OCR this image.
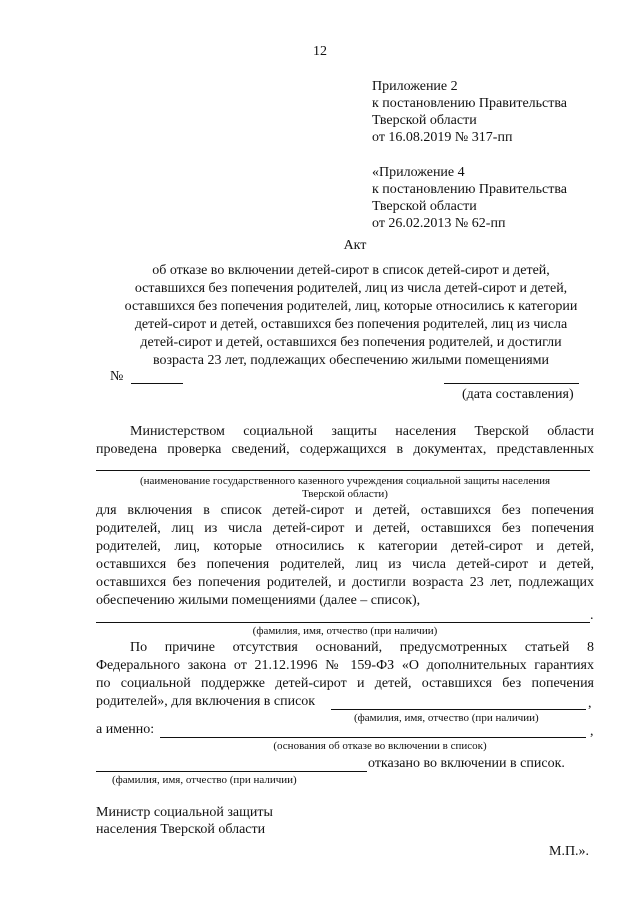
12
Приложение 2
к постановлению Правительства
Тверской области
от 16.08.2019 № 317-пп
«Приложение 4
к постановлению Правительства
Тверской области
от 26.02.2013 № 62-пп
Акт
об отказе во включении детей-сирот в список детей-сирот и детей,
оставшихся без попечения родителей, лиц из числа детей-сирот и детей,
оставшихся без попечения родителей, лиц, которые относились к категории
детей-сирот и детей, оставшихся без попечения родителей, лиц из числа
детей-сирот и детей, оставшихся без попечения родителей, и достигли
возраста 23 лет, подлежащих обеспечению жилыми помещениями
№
(дата составления)
Министерством социальной защиты населения Тверской области
проведена проверка сведений, содержащихся в документах, представленных
(наименование государственного казенного учреждения социальной защиты населения
Тверской области)
для включения в список детей-сирот и детей, оставшихся без попечения
родителей, лиц из числа детей-сирот и детей, оставшихся без попечения
родителей, лиц, которые относились к категории детей-сирот и детей,
оставшихся без попечения родителей, лиц из числа детей-сирот и детей,
оставшихся без попечения родителей, и достигли возраста 23 лет, подлежащих
обеспечению жилыми помещениями (далее – список),
.
(фамилия, имя, отчество (при наличии)
По причине отсутствия оснований, предусмотренных статьей 8
Федерального закона от 21.12.1996 № 159-ФЗ «О дополнительных гарантиях
по социальной поддержке детей-сирот и детей, оставшихся без попечения
родителей», для включения в список	,
(фамилия, имя, отчество (при наличии)
а именно:	,
(основания об отказе во включении в список)
отказано во включении в список.
(фамилия, имя, отчество (при наличии)
Министр социальной защиты
населения Тверской области
М.П.».
